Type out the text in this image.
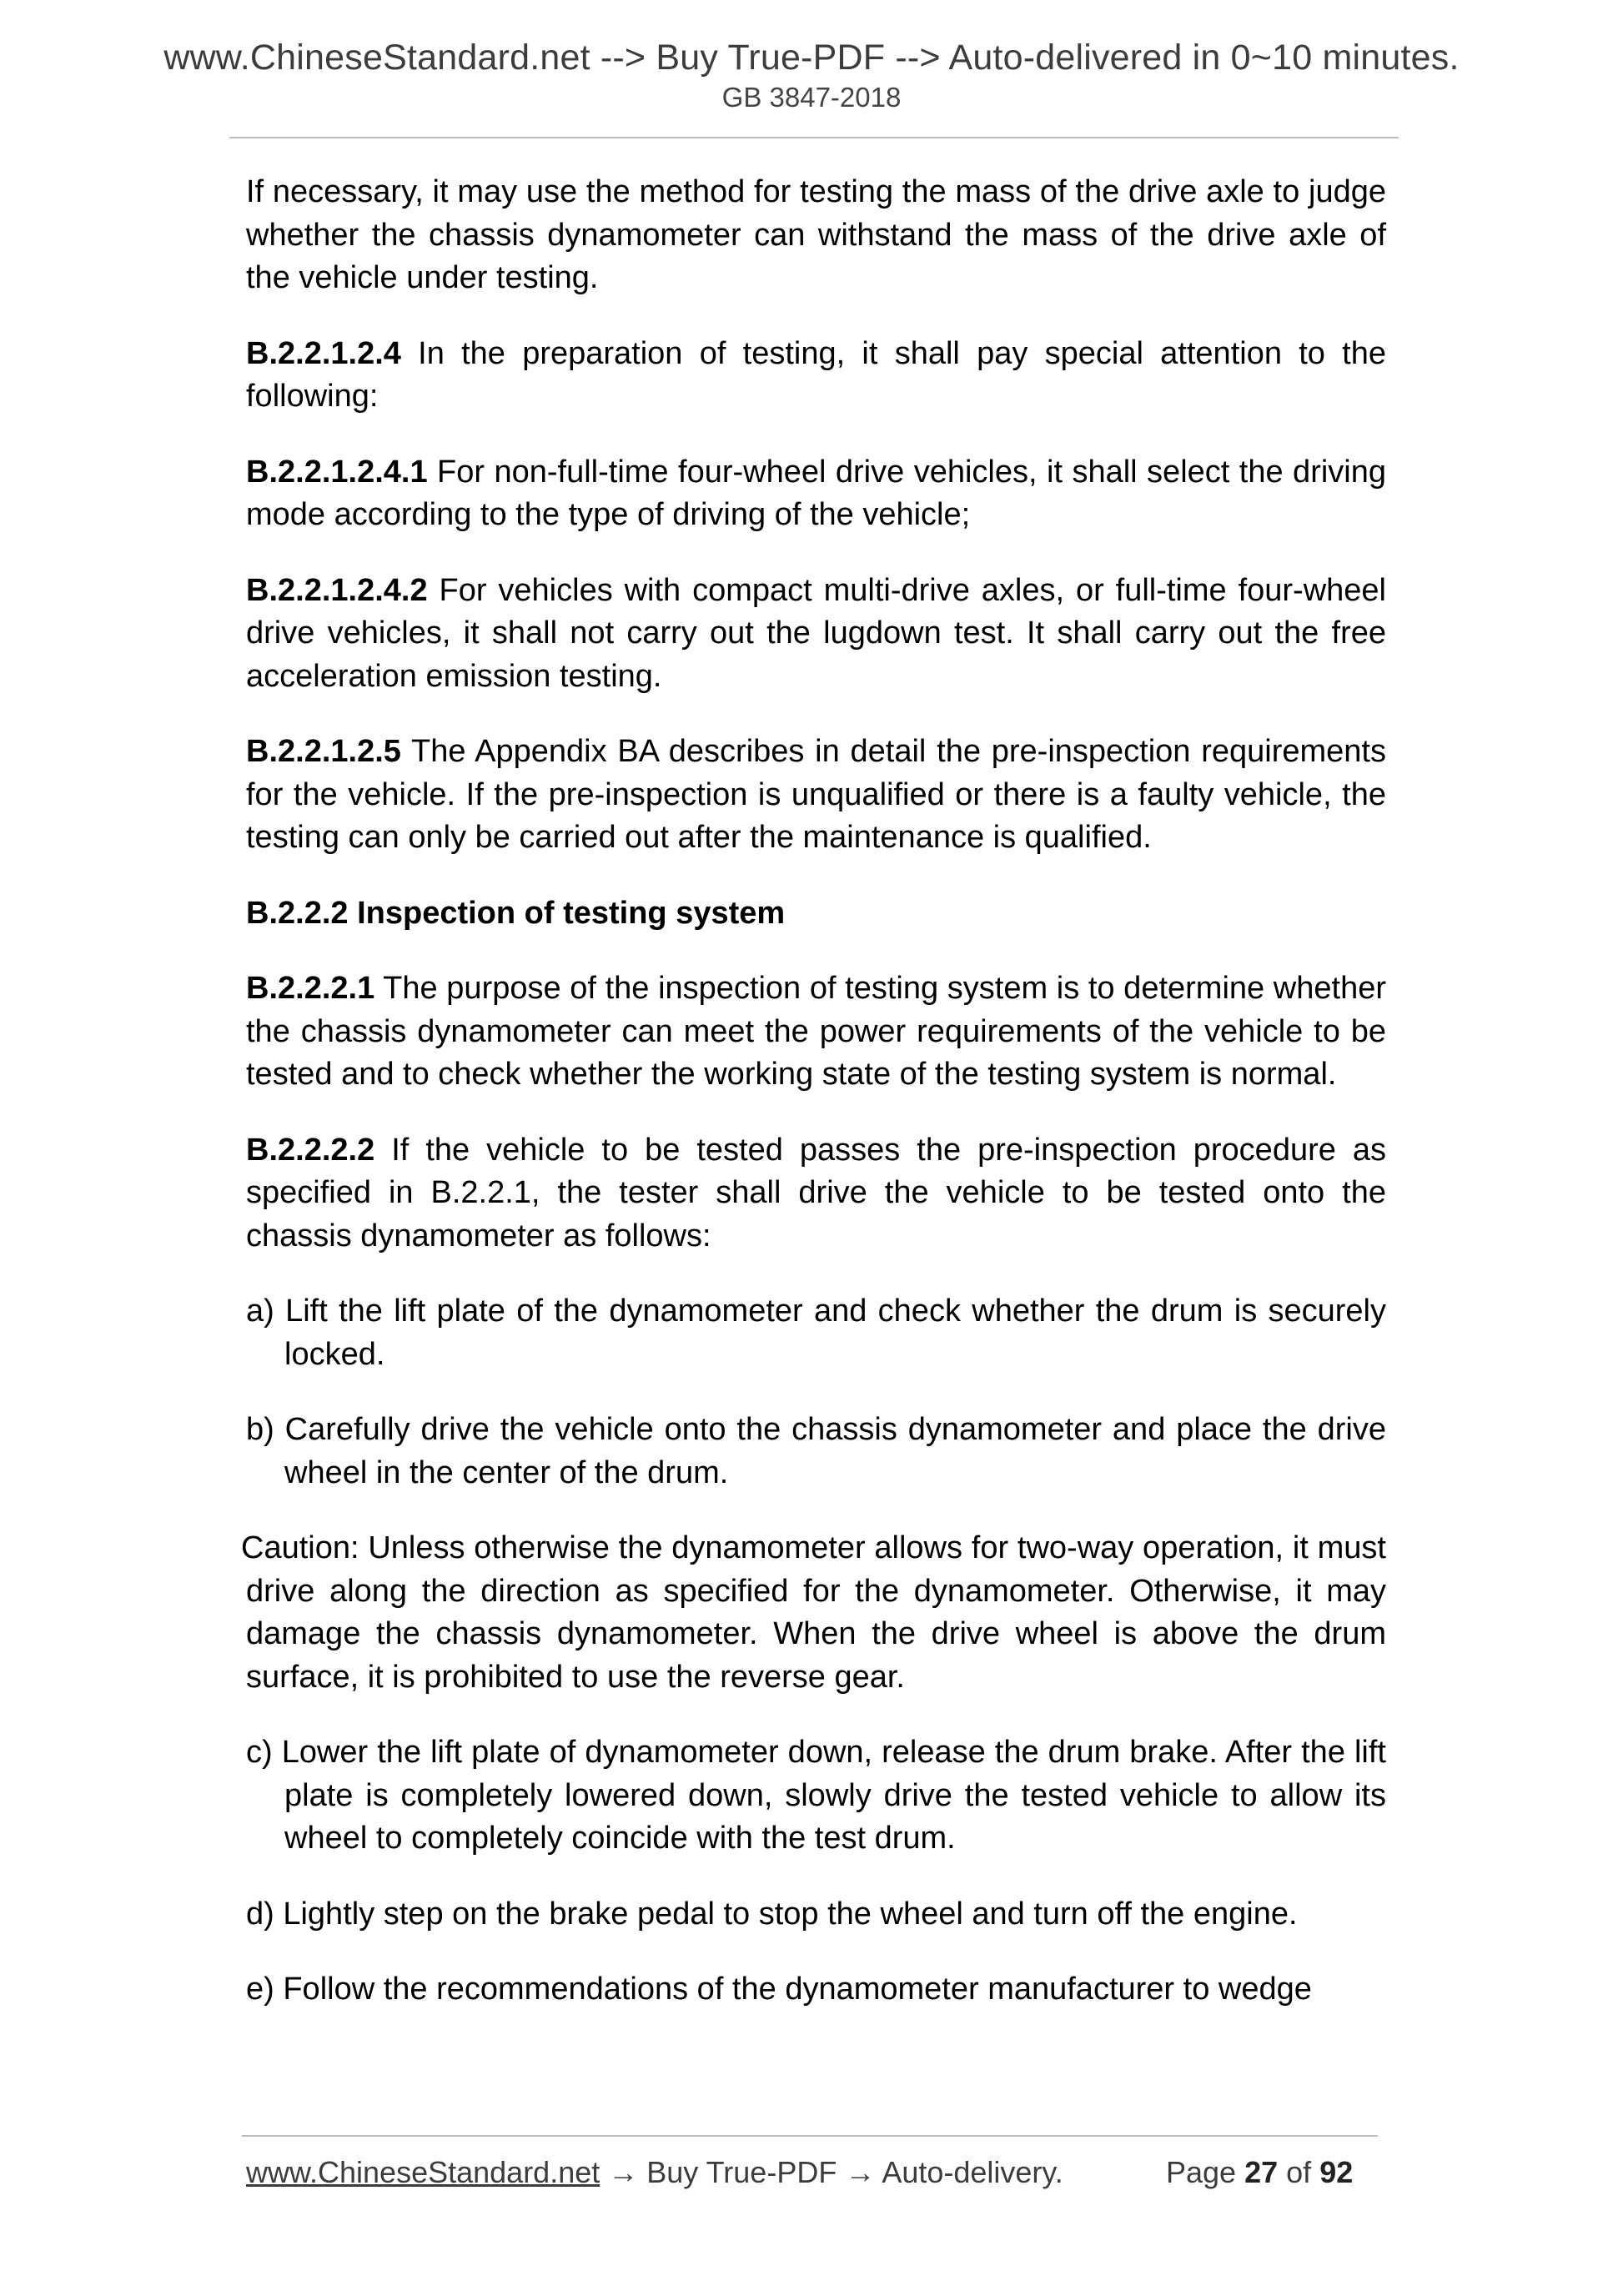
www.ChineseStandard.net --> Buy True-PDF --> Auto-delivered in 0~10 minutes.
GB 3847-2018

If necessary, it may use the method for testing the mass of the drive axle to judge whether the chassis dynamometer can withstand the mass of the drive axle of the vehicle under testing.

B.2.2.1.2.4 In the preparation of testing, it shall pay special attention to the following:

B.2.2.1.2.4.1 For non-full-time four-wheel drive vehicles, it shall select the driving mode according to the type of driving of the vehicle;

B.2.2.1.2.4.2 For vehicles with compact multi-drive axles, or full-time four-wheel drive vehicles, it shall not carry out the lugdown test. It shall carry out the free acceleration emission testing.

B.2.2.1.2.5 The Appendix BA describes in detail the pre-inspection requirements for the vehicle. If the pre-inspection is unqualified or there is a faulty vehicle, the testing can only be carried out after the maintenance is qualified.

B.2.2.2 Inspection of testing system

B.2.2.2.1 The purpose of the inspection of testing system is to determine whether the chassis dynamometer can meet the power requirements of the vehicle to be tested and to check whether the working state of the testing system is normal.

B.2.2.2.2 If the vehicle to be tested passes the pre-inspection procedure as specified in B.2.2.1, the tester shall drive the vehicle to be tested onto the chassis dynamometer as follows:

a) Lift the lift plate of the dynamometer and check whether the drum is securely locked.

b) Carefully drive the vehicle onto the chassis dynamometer and place the drive wheel in the center of the drum.

Caution: Unless otherwise the dynamometer allows for two-way operation, it must drive along the direction as specified for the dynamometer. Otherwise, it may damage the chassis dynamometer. When the drive wheel is above the drum surface, it is prohibited to use the reverse gear.

c) Lower the lift plate of dynamometer down, release the drum brake. After the lift plate is completely lowered down, slowly drive the tested vehicle to allow its wheel to completely coincide with the test drum.

d) Lightly step on the brake pedal to stop the wheel and turn off the engine.

e) Follow the recommendations of the dynamometer manufacturer to wedge

www.ChineseStandard.net → Buy True-PDF → Auto-delivery.	Page 27 of 92
